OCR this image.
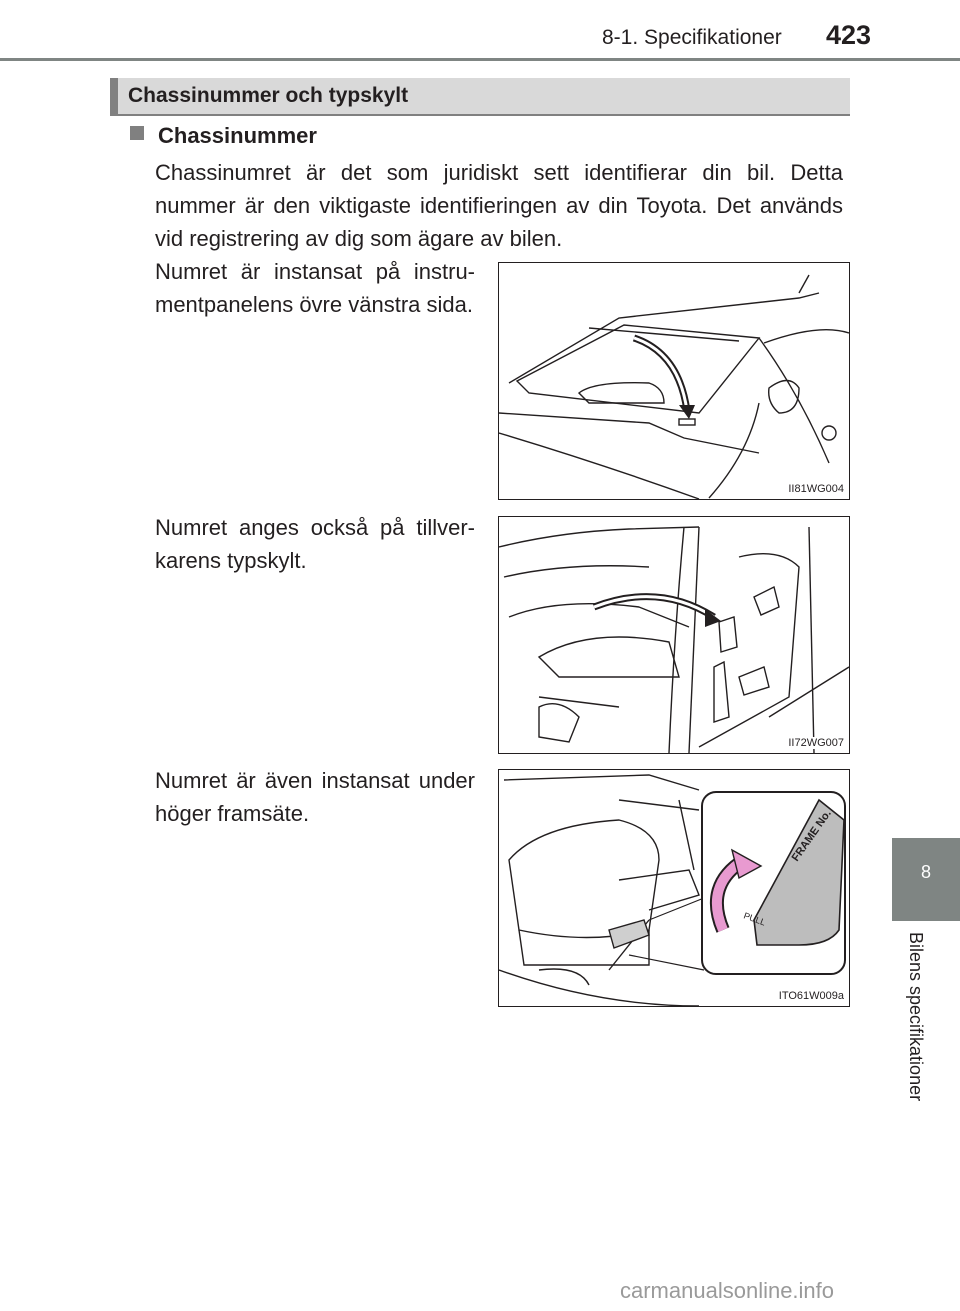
8-1. Specifikationer 423
8
Bilens specifikationer
Chassinummer och typskylt
Chassinummer
Chassinumret är det som juridiskt sett identifierar din bil. Detta nummer är den viktigaste identifieringen av din Toyota. Det används vid registrering av dig som ägare av bilen.
Numret är instansat på instru-mentpanelens övre vänstra sida.
II81WG004
Numret anges också på tillver-karens typskylt.
II72WG007
Numret är även instansat under höger framsäte.	FRAME No.
PULL
ITO61W009a
carmanualsonline.info
